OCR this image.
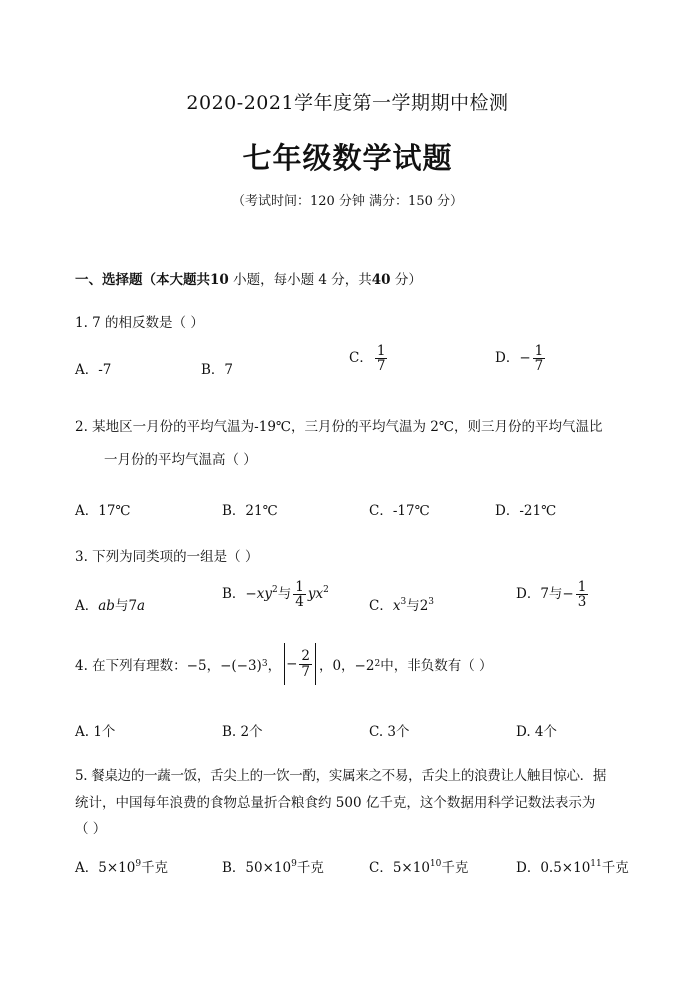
2020-2021学年度第一学期期中检测
七年级数学试题
（考试时间：120 分钟 满分：150 分）
一、选择题（本大题共10 小题，每小题 4 分，共40 分）
1. 7 的相反数是（ ）
A．-7	B．7
C． $\frac{1}{7}$	D．− $\frac{1}{7}$
2. 某地区一月份的平均气温为-19℃，三月份的平均气温为 2℃，则三月份的平均气温比
一月份的平均气温高（ ）
A．17℃	B．21℃	C．-17℃	D．-21℃
3. 下列为同类项的一组是（ ）
A．ab与7a
B．$-xy^2$与 $\frac{1}{4} yx^2$
C．$x^3$与$2^3$	D．7与− $\frac{1}{3}$
4. 在下列有理数：−5，−(−3) 3 ， − $\frac{2}{7}$ ，0，−2 2 中，非负数有（ ）
A. 1个	B. 2个	C. 3个	D. 4个
5. 餐桌边的一蔬一饭，舌尖上的一饮一酌，实属来之不易，舌尖上的浪费让人触目惊心．据
统计，中国每年浪费的食物总量折合粮食约 500 亿千克，这个数据用科学记数法表示为
（ ）
A．$5\times 10^9$千克	B．$50\times 10^9$千克	C．$5\times 10^{10}$千克	D．$0.5\times 10^{11}$千克
